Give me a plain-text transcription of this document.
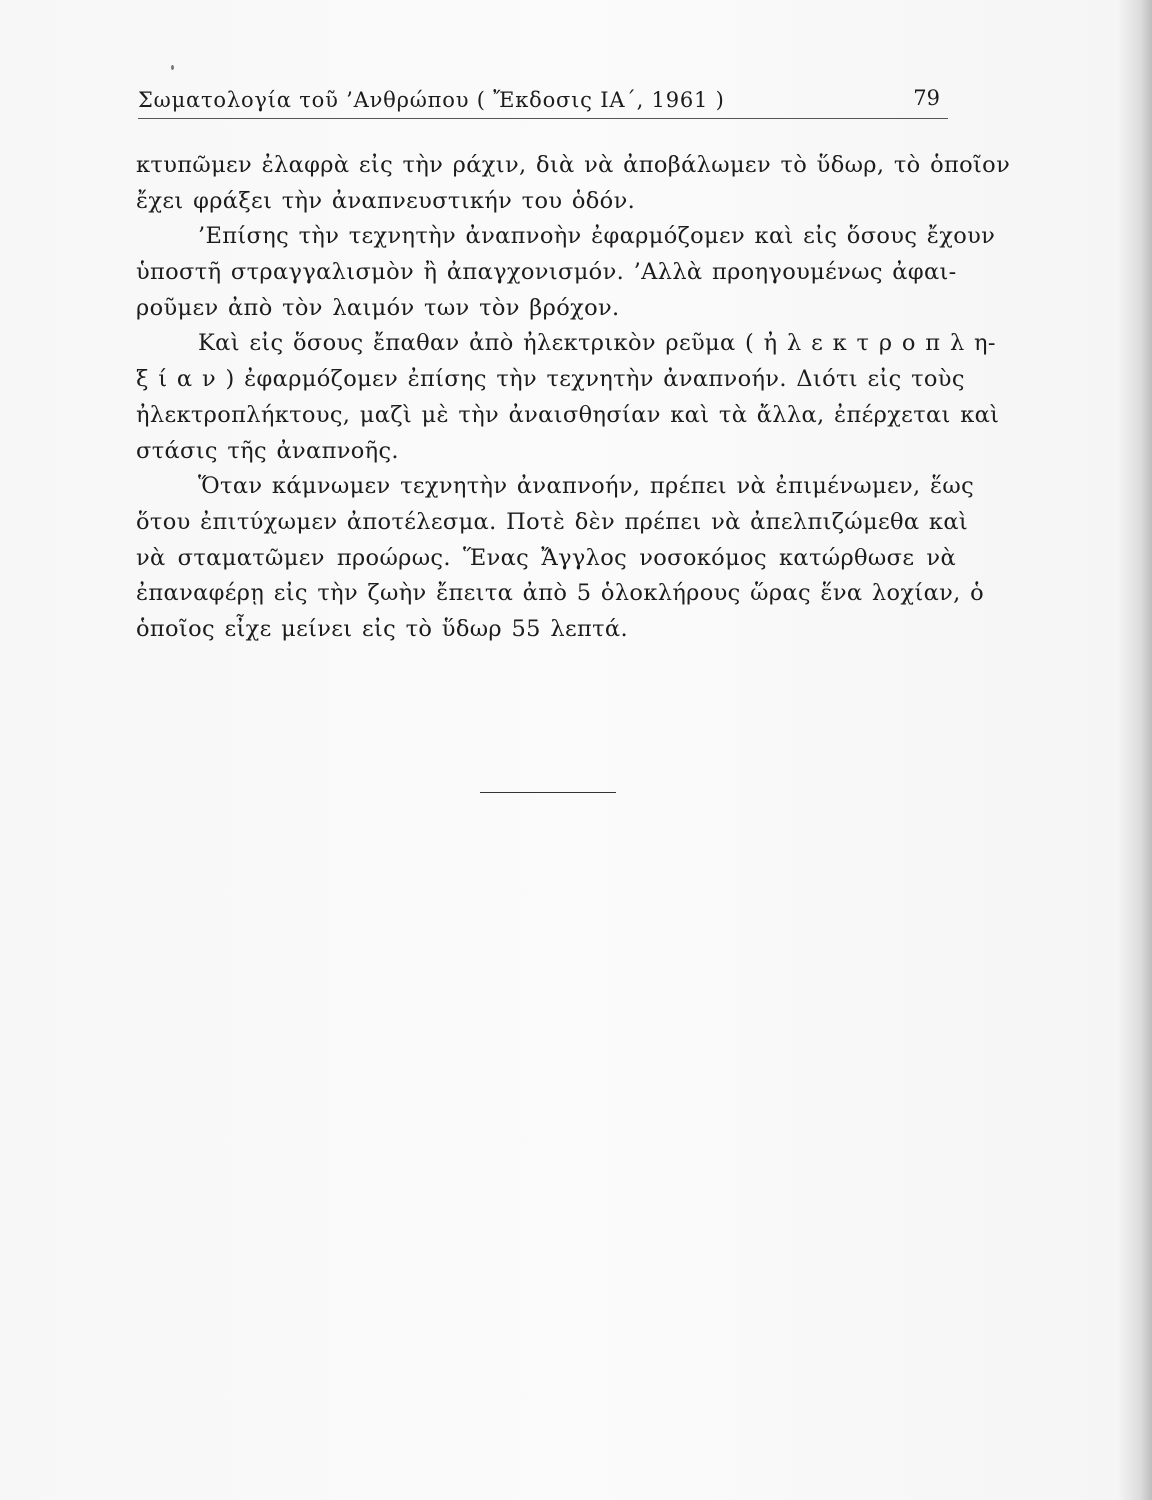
Σωματολογία τοῦ ’Ανθρώπου ( Ἔκδοσις ΙΑ΄, 1961 )	79
κτυπῶμεν ἐλαφρὰ εἰς τὴν ράχιν, διὰ νὰ ἀποβάλωμεν τὸ ὕδωρ, τὸ ὁποῖον
ἔχει φράξει τὴν ἀναπνευστικήν του ὁδόν.
’Επίσης τὴν τεχνητὴν ἀναπνοὴν ἐφαρμόζομεν καὶ εἰς ὅσους ἔχουν
ὑποστῆ στραγγαλισμὸν ἢ ἀπαγχονισμόν. ’Αλλὰ προηγουμένως ἀφαι-
ροῦμεν ἀπὸ τὸν λαιμόν των τὸν βρόχον.
Καὶ εἰς ὅσους ἔπαθαν ἀπὸ ἠλεκτρικὸν ρεῦμα ( ἠ λ ε κ τ ρ ο π λ η-
ξ ί α ν ) ἐφαρμόζομεν ἐπίσης τὴν τεχνητὴν ἀναπνοήν. Διότι εἰς τοὺς
ἠλεκτροπλήκτους, μαζὶ μὲ τὴν ἀναισθησίαν καὶ τὰ ἄλλα, ἐπέρχεται καὶ
στάσις τῆς ἀναπνοῆς.
Ὅταν κάμνωμεν τεχνητὴν ἀναπνοήν, πρέπει νὰ ἐπιμένωμεν, ἕως
ὅτου ἐπιτύχωμεν ἀποτέλεσμα. Ποτὲ δὲν πρέπει νὰ ἀπελπιζώμεθα καὶ
νὰ σταματῶμεν προώρως. Ἕνας Ἄγγλος νοσοκόμος κατώρθωσε νὰ
ἐπαναφέρῃ εἰς τὴν ζωὴν ἔπειτα ἀπὸ 5 ὁλοκλήρους ὥρας ἕνα λοχίαν, ὁ
ὁποῖος εἶχε μείνει εἰς τὸ ὕδωρ 55 λεπτά.
